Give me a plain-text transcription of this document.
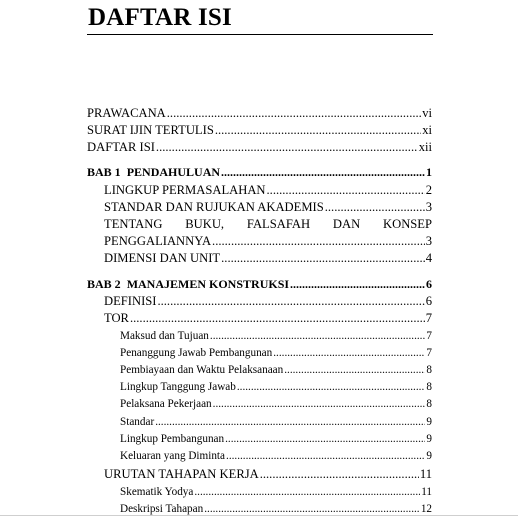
DAFTAR ISI
PRAWACANA .....	vi
SURAT IJIN TERTULIS .....	xi
DAFTAR ISI .....	xii
BAB 1 PENDAHULUAN .....	1
LINGKUP PERMASALAHAN .....	2
STANDAR DAN RUJUKAN AKADEMIS .....	3
TENTANG BUKU, FALSAFAH DAN KONSEP
PENGGALIANNYA .....	3
DIMENSI DAN UNIT .....	4
BAB 2 MANAJEMEN KONSTRUKSI .....	6
DEFINISI .....	6
TOR .....	7
Maksud dan Tujuan .....	7
Penanggung Jawab Pembangunan .....	7
Pembiayaan dan Waktu Pelaksanaan .....	8
Lingkup Tanggung Jawab .....	8
Pelaksana Pekerjaan .....	8
Standar .....	9
Lingkup Pembangunan .....	9
Keluaran yang Diminta .....	9
URUTAN TAHAPAN KERJA .....	11
Skematik Yodya .....	11
Deskripsi Tahapan .....	12
